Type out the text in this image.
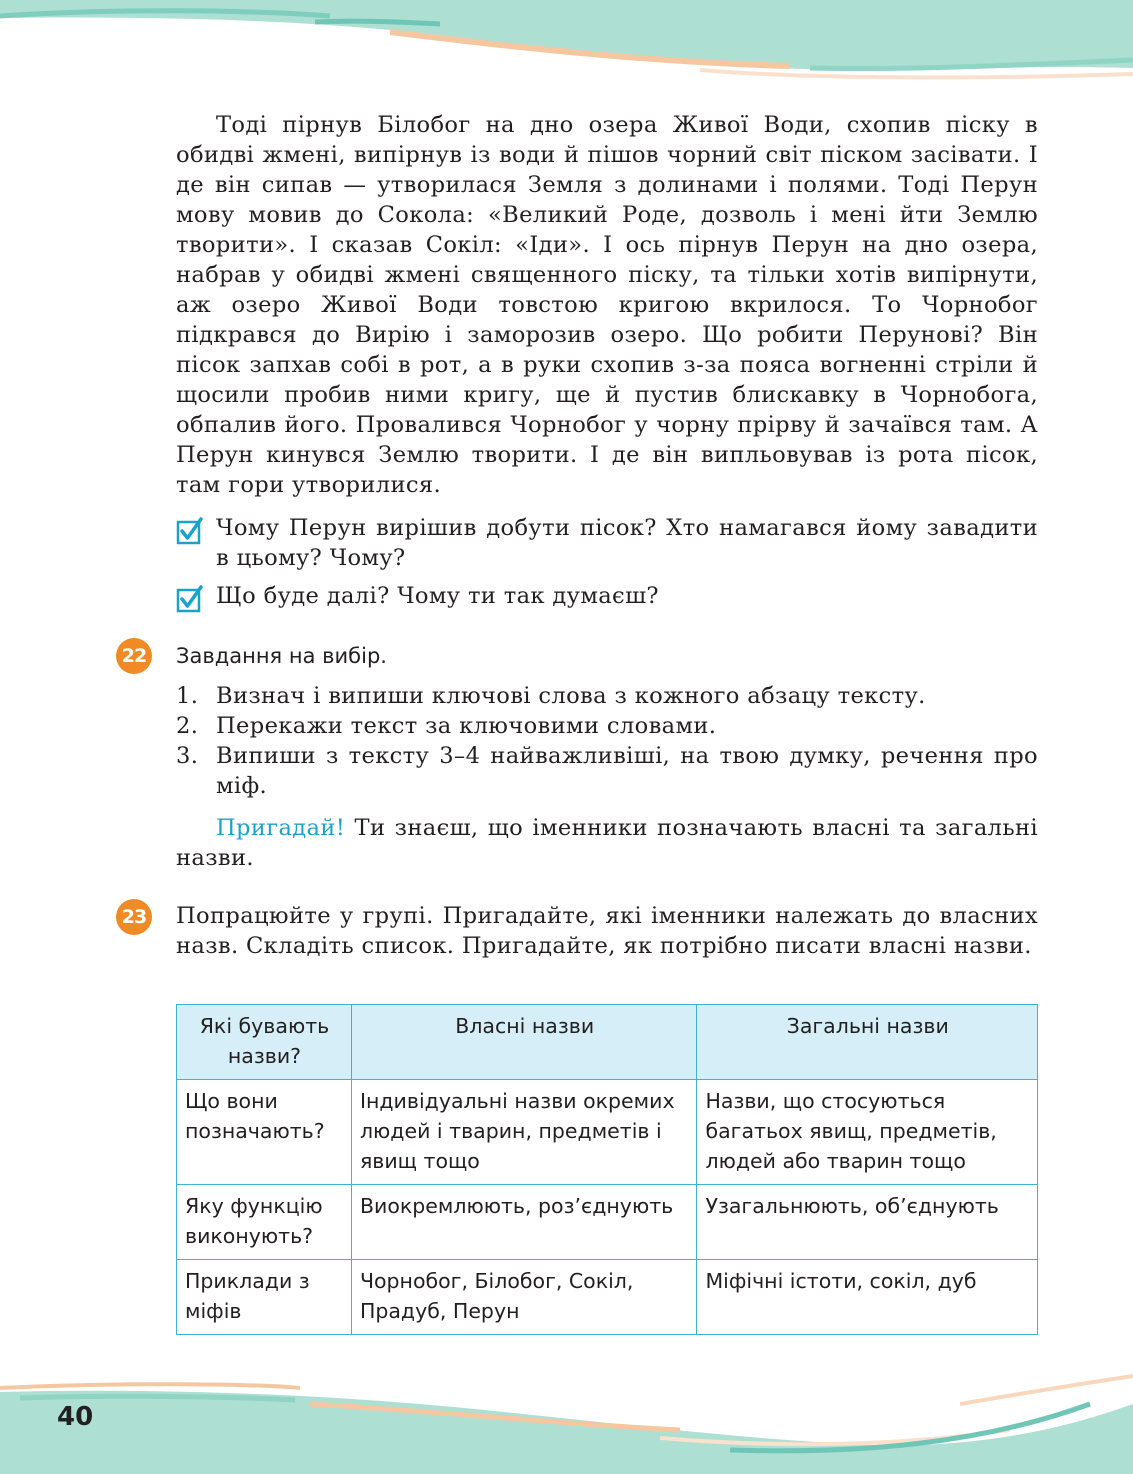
Тоді пірнув Білобог на дно озера Живої Води, схопив піску в обидві жмені, випірнув із води й пішов чорний світ піском засівати. І де він сипав — утворилася Земля з долинами і полями. Тоді Перун мову мовив до Сокола: «Великий Роде, дозволь і мені йти Землю творити». І сказав Сокіл: «Іди». І ось пірнув Перун на дно озера, набрав у обидві жмені священного піску, та тільки хотів випірнути, аж озеро Живої Води товстою кригою вкрилося. То Чорнобог підкрався до Вирію і заморозив озеро. Що робити Перунові? Він пісок запхав собі в рот, а в руки схопив з-за пояса вогненні стріли й щосили пробив ними кригу, ще й пустив блискавку в Чорнобога, обпалив його. Провалився Чорнобог у чорну прірву й зачаївся там. А Перун кинувся Землю творити. І де він випльовував із рота пісок, там гори утворилися.

Чому Перун вирішив добути пісок? Хто намагався йому завадити в цьому? Чому?
Що буде далі? Чому ти так думаєш?
22 Завдання на вибір.
1. Визнач і випиши ключові слова з кожного абзацу тексту.
2. Перекажи текст за ключовими словами.
3. Випиши з тексту 3–4 найважливіші, на твою думку, речення про міф.

Пригадай! Ти знаєш, що іменники позначають власні та загальні назви.

23 Попрацюйте у групі. Пригадайте, які іменники належать до власних назв. Складіть список. Пригадайте, як потрібно писати власні назви.

Які бувають назви?	Власні назви	Загальні назви
Що вони позначають?	Індивідуальні назви окремих людей і тварин, предметів і явищ тощо	Назви, що стосуються багатьох явищ, предметів, людей або тварин тощо
Яку функцію виконують?	Виокремлюють, роз’єднують	Узагальнюють, об’єднують
Приклади з міфів	Чорнобог, Білобог, Сокіл, Прадуб, Перун	Міфічні істоти, сокіл, дуб
40
